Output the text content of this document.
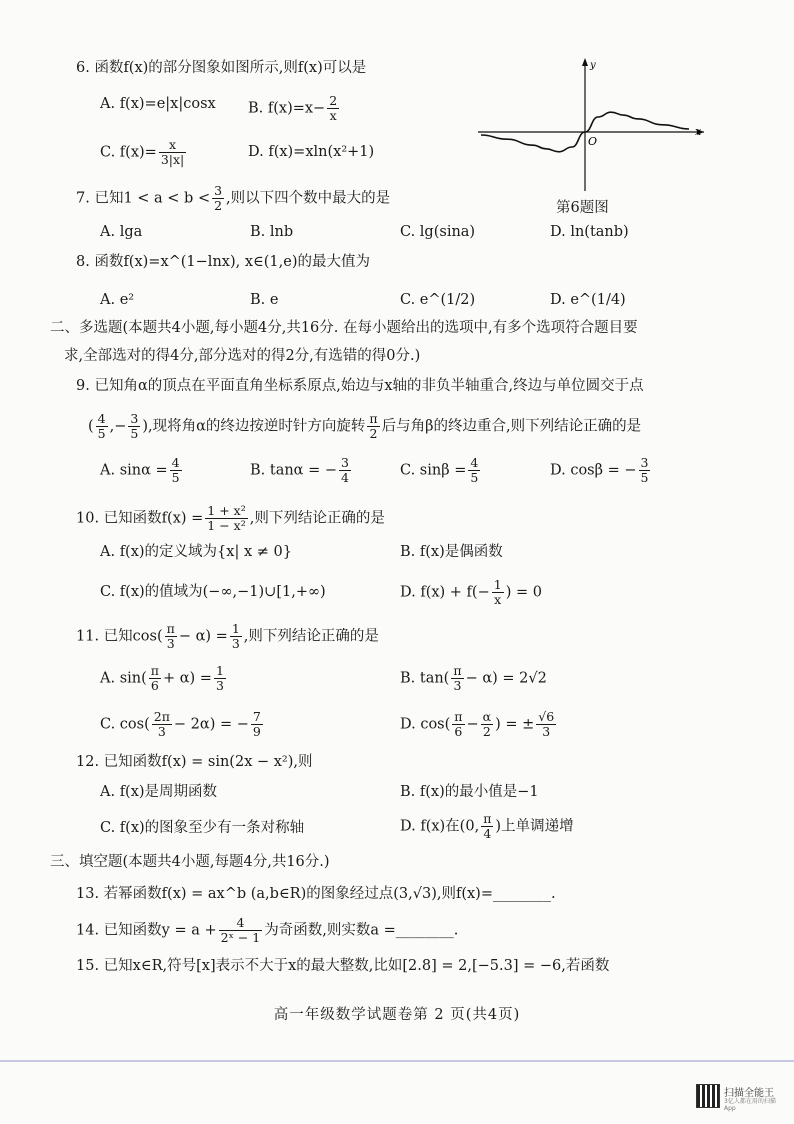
6. 函数f(x)的部分图象如图所示,则f(x)可以是
A. f(x)=e|x|cosx B. $f(x)=x- \frac{2}{x}$
C. $f(x)= \frac{x}{3|x|}$	D. f(x)=xln(x²+1)
x
y
O
第6题图
7. 已知$1 < a < b < \frac{3}{2}$ ,则以下四个数中最大的是
A. lga	B. lnb	C. lg(sina)	D. ln(tanb)
8. 函数f(x)=x^(1−lnx), x∈(1,e)的最大值为
A. e²	B. e	C. e^(1/2)	D. e^(1/4)
二、多选题(本题共4小题,每小题4分,共16分. 在每小题给出的选项中,有多个选项符合题目要
求,全部选对的得4分,部分选对的得2分,有选错的得0分.)
9. 已知角α的顶点在平面直角坐标系原点,始边与x轴的非负半轴重合,终边与单位圆交于点
( $\frac{4}{5}$ ,− $\frac{3}{5}$ ),现将角α的终边按逆时针方向旋转 $\frac{\pi}{2}$ 后与角β的终边重合,则下列结论正确的是
A. $\sin\alpha = \frac{4}{5}$	B. tanα = − $\frac{3}{4}$	C. $\sin\beta = \frac{4}{5}$	D. cosβ = − $\frac{3}{5}$
10. 已知函数$f(x) = \frac{\text{1 + x²}}{\text{1 − x²}}$ ,则下列结论正确的是
A. f(x)的定义域为{x| x ≠ 0}	B. f(x)是偶函数
C. f(x)的值域为(−∞,−1)∪[1,+∞)	D. $f(x) + f(- \frac{1}{x}$ ) = 0
11. 已知$\cos( \frac{\pi}{3} - \alpha) = \frac{1}{3}$ ,则下列结论正确的是
A. $\sin( \frac{\pi}{6} + \alpha) = \frac{1}{3}$	B. $\tan( \frac{\pi}{3} - \alpha) = 2√2$
C. $\cos( \frac{2\pi}{3} - 2\alpha)$ = − $\frac{7}{9}$	D. $\cos( \frac{\pi}{6} - \frac{\alpha}{2}$ ) = ± $\frac{√6}{3}$
12. 已知函数f(x) = sin(2x − x²),则
A. f(x)是周期函数	B. f(x)的最小值是−1
C. f(x)的图象至少有一条对称轴	D. f(x)在(0, $\frac{\pi}{4}$ )上单调递增
三、填空题(本题共4小题,每题4分,共16分.)
13. 若幂函数f(x) = ax^b (a,b∈R)的图象经过点(3,√3),则f(x)=________.
14. 已知函数$y = a + \frac{4}{\text{2ˣ − 1}}$ 为奇函数,则实数a =________.
15. 已知x∈R,符号[x]表示不大于x的最大整数,比如[2.8] = 2,[−5.3] = −6,若函数
高一年级数学试题卷第 2 页(共4页)
扫描全能王
3亿人都在用的扫描App
